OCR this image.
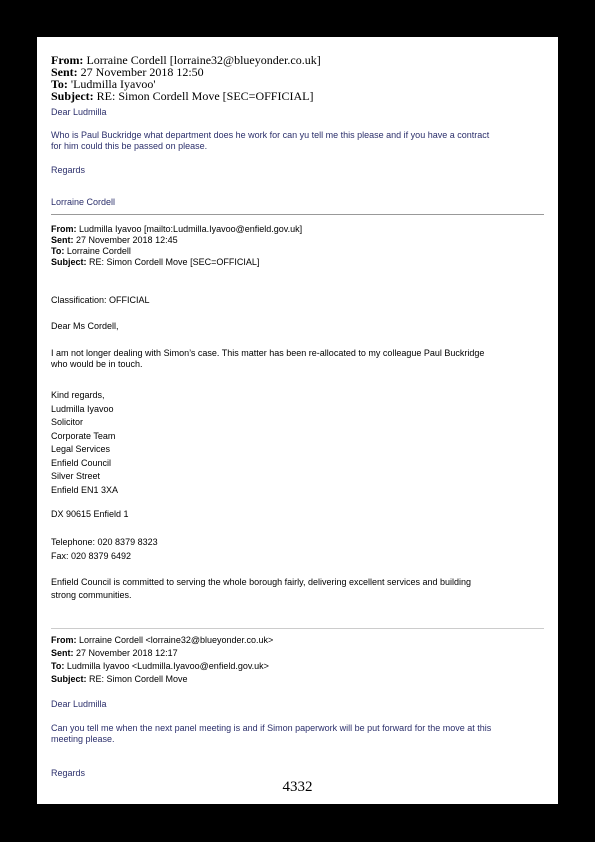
From: Lorraine Cordell [lorraine32@blueyonder.co.uk]
Sent: 27 November 2018 12:50
To: 'Ludmilla Iyavoo'
Subject: RE: Simon Cordell Move [SEC=OFFICIAL]
Dear Ludmilla
Who is Paul Buckridge what department does he work for can yu tell me this please and if you have a contract
for him could this be passed on please.
Regards
Lorraine Cordell
From: Ludmilla Iyavoo [mailto:Ludmilla.Iyavoo@enfield.gov.uk]
Sent: 27 November 2018 12:45
To: Lorraine Cordell
Subject: RE: Simon Cordell Move [SEC=OFFICIAL]
Classification: OFFICIAL
Dear Ms Cordell,
I am not longer dealing with Simon’s case. This matter has been re-allocated to my colleague Paul Buckridge
who would be in touch.
Kind regards,
Ludmilla Iyavoo
Solicitor
Corporate Team
Legal Services
Enfield Council
Silver Street
Enfield EN1 3XA
DX 90615 Enfield 1
Telephone: 020 8379 8323
Fax: 020 8379 6492
Enfield Council is committed to serving the whole borough fairly, delivering excellent services and building
strong communities.
From: Lorraine Cordell <lorraine32@blueyonder.co.uk>
Sent: 27 November 2018 12:17
To: Ludmilla Iyavoo <Ludmilla.Iyavoo@enfield.gov.uk>
Subject: RE: Simon Cordell Move
Dear Ludmilla
Can you tell me when the next panel meeting is and if Simon paperwork will be put forward for the move at this
meeting please.
Regards
4332
